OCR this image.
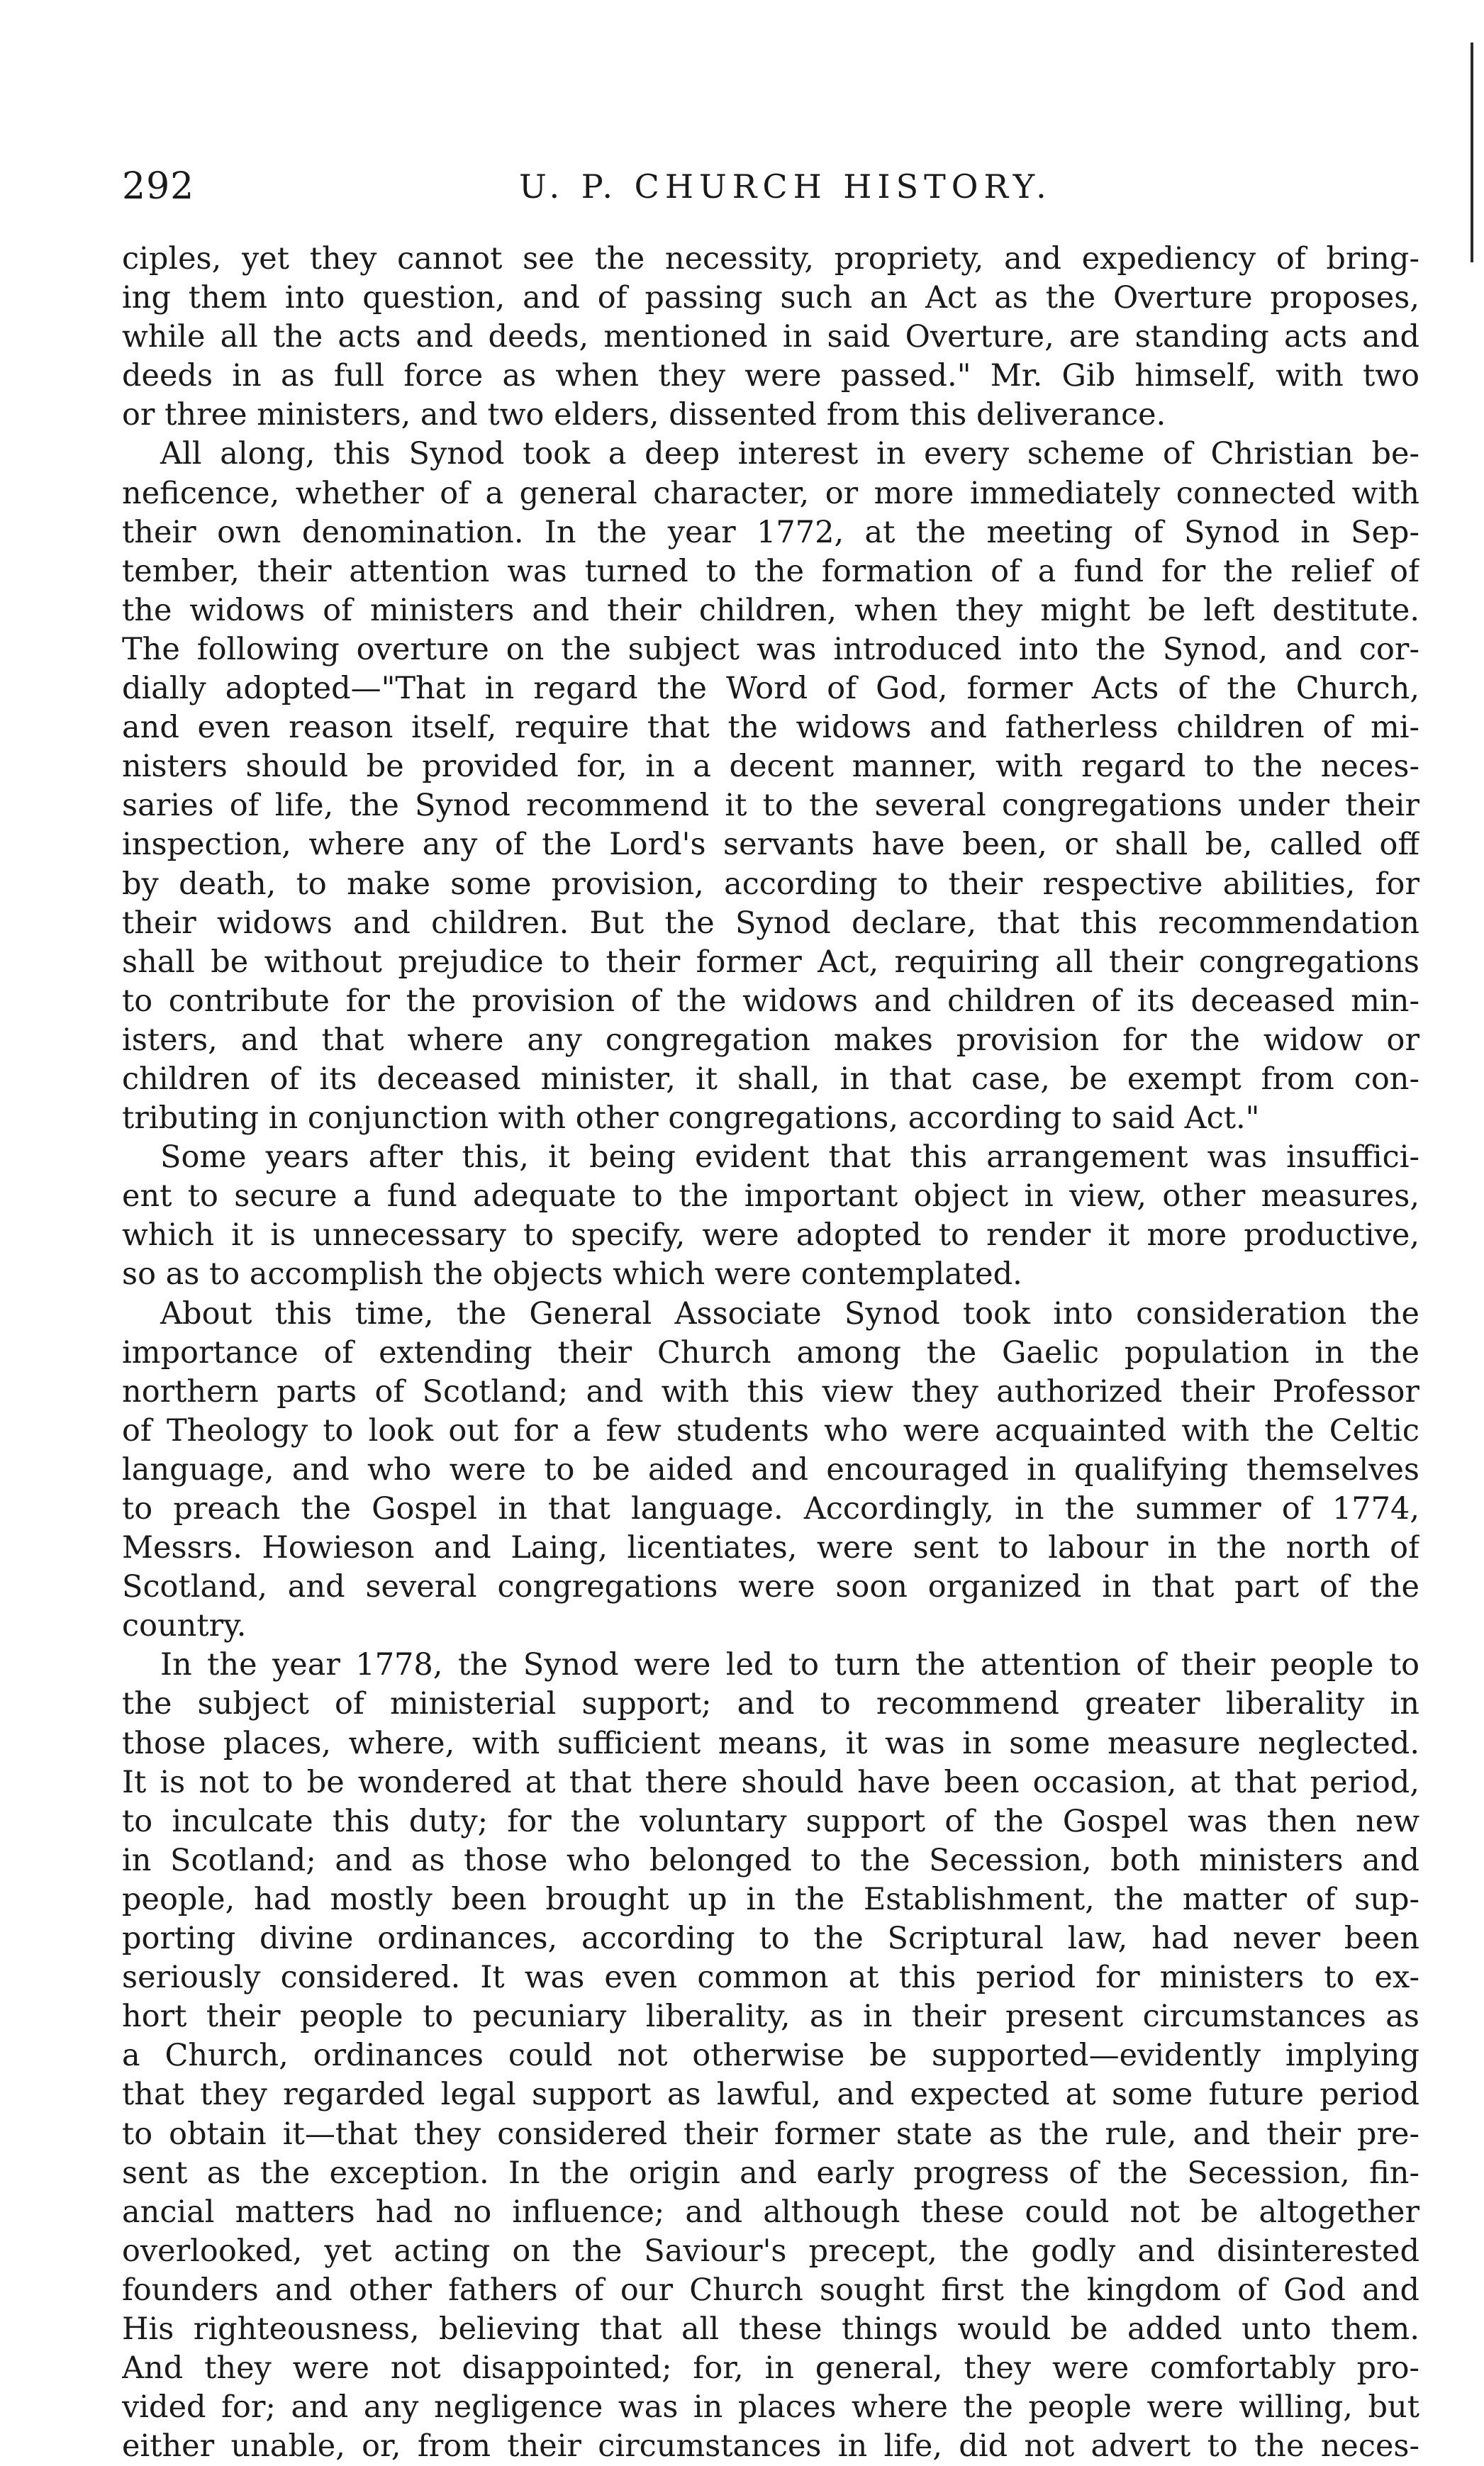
292	U. P. CHURCH HISTORY.
ciples, yet they cannot see the necessity, propriety, and expediency of bring-
ing them into question, and of passing such an Act as the Overture proposes,
while all the acts and deeds, mentioned in said Overture, are standing acts and
deeds in as full force as when they were passed." Mr. Gib himself, with two
or three ministers, and two elders, dissented from this deliverance.
All along, this Synod took a deep interest in every scheme of Christian be-
neficence, whether of a general character, or more immediately connected with
their own denomination. In the year 1772, at the meeting of Synod in Sep-
tember, their attention was turned to the formation of a fund for the relief of
the widows of ministers and their children, when they might be left destitute.
The following overture on the subject was introduced into the Synod, and cor-
dially adopted—"That in regard the Word of God, former Acts of the Church,
and even reason itself, require that the widows and fatherless children of mi-
nisters should be provided for, in a decent manner, with regard to the neces-
saries of life, the Synod recommend it to the several congregations under their
inspection, where any of the Lord's servants have been, or shall be, called off
by death, to make some provision, according to their respective abilities, for
their widows and children. But the Synod declare, that this recommendation
shall be without prejudice to their former Act, requiring all their congregations
to contribute for the provision of the widows and children of its deceased min-
isters, and that where any congregation makes provision for the widow or
children of its deceased minister, it shall, in that case, be exempt from con-
tributing in conjunction with other congregations, according to said Act."
Some years after this, it being evident that this arrangement was insuffici-
ent to secure a fund adequate to the important object in view, other measures,
which it is unnecessary to specify, were adopted to render it more productive,
so as to accomplish the objects which were contemplated.
About this time, the General Associate Synod took into consideration the
importance of extending their Church among the Gaelic population in the
northern parts of Scotland; and with this view they authorized their Professor
of Theology to look out for a few students who were acquainted with the Celtic
language, and who were to be aided and encouraged in qualifying themselves
to preach the Gospel in that language. Accordingly, in the summer of 1774,
Messrs. Howieson and Laing, licentiates, were sent to labour in the north of
Scotland, and several congregations were soon organized in that part of the
country.
In the year 1778, the Synod were led to turn the attention of their people to
the subject of ministerial support; and to recommend greater liberality in
those places, where, with sufficient means, it was in some measure neglected.
It is not to be wondered at that there should have been occasion, at that period,
to inculcate this duty; for the voluntary support of the Gospel was then new
in Scotland; and as those who belonged to the Secession, both ministers and
people, had mostly been brought up in the Establishment, the matter of sup-
porting divine ordinances, according to the Scriptural law, had never been
seriously considered. It was even common at this period for ministers to ex-
hort their people to pecuniary liberality, as in their present circumstances as
a Church, ordinances could not otherwise be supported—evidently implying
that they regarded legal support as lawful, and expected at some future period
to obtain it—that they considered their former state as the rule, and their pre-
sent as the exception. In the origin and early progress of the Secession, fin-
ancial matters had no influence; and although these could not be altogether
overlooked, yet acting on the Saviour's precept, the godly and disinterested
founders and other fathers of our Church sought first the kingdom of God and
His righteousness, believing that all these things would be added unto them.
And they were not disappointed; for, in general, they were comfortably pro-
vided for; and any negligence was in places where the people were willing, but
either unable, or, from their circumstances in life, did not advert to the neces-
